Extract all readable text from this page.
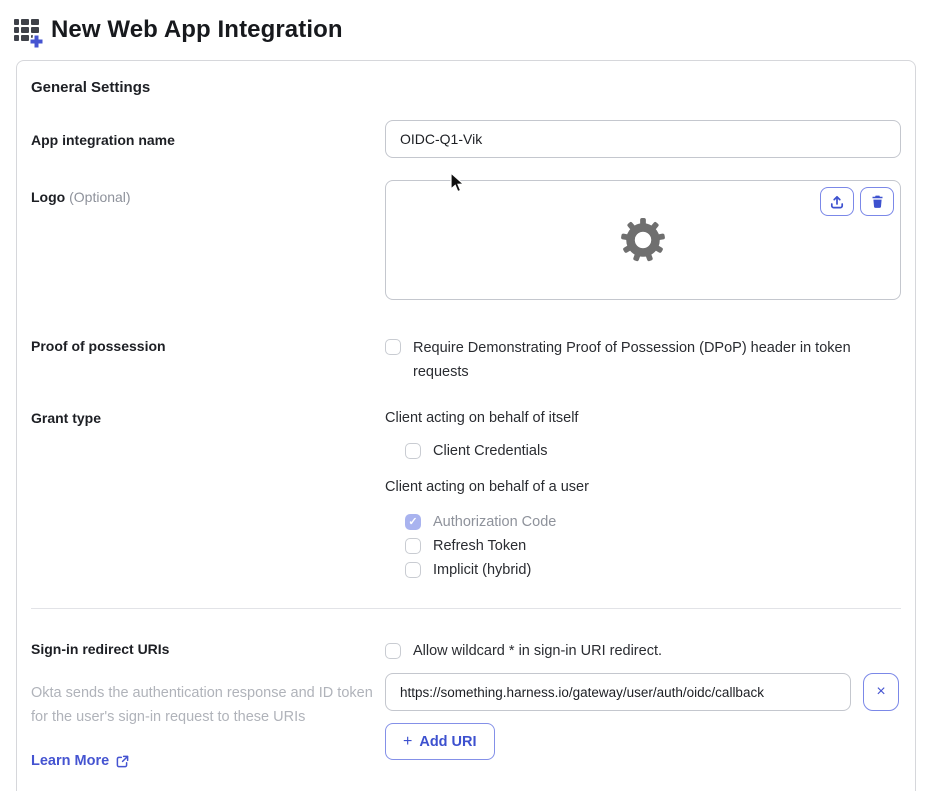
New Web App Integration
General Settings
App integration name
OIDC-Q1-Vik
Logo (Optional)
Proof of possession	Require Demonstrating Proof of Possession (DPoP) header in token requests
Grant type	Client acting on behalf of itself
Client Credentials
Client acting on behalf of a user
✓
Authorization Code
Refresh Token
Implicit (hybrid)
Sign-in redirect URIs
Okta sends the authentication response and ID token for the user's sign-in request to these URIs
Learn More
Allow wildcard * in sign-in URI redirect.
https://something.harness.io/gateway/user/auth/oidc/callback
×
+ Add URI
